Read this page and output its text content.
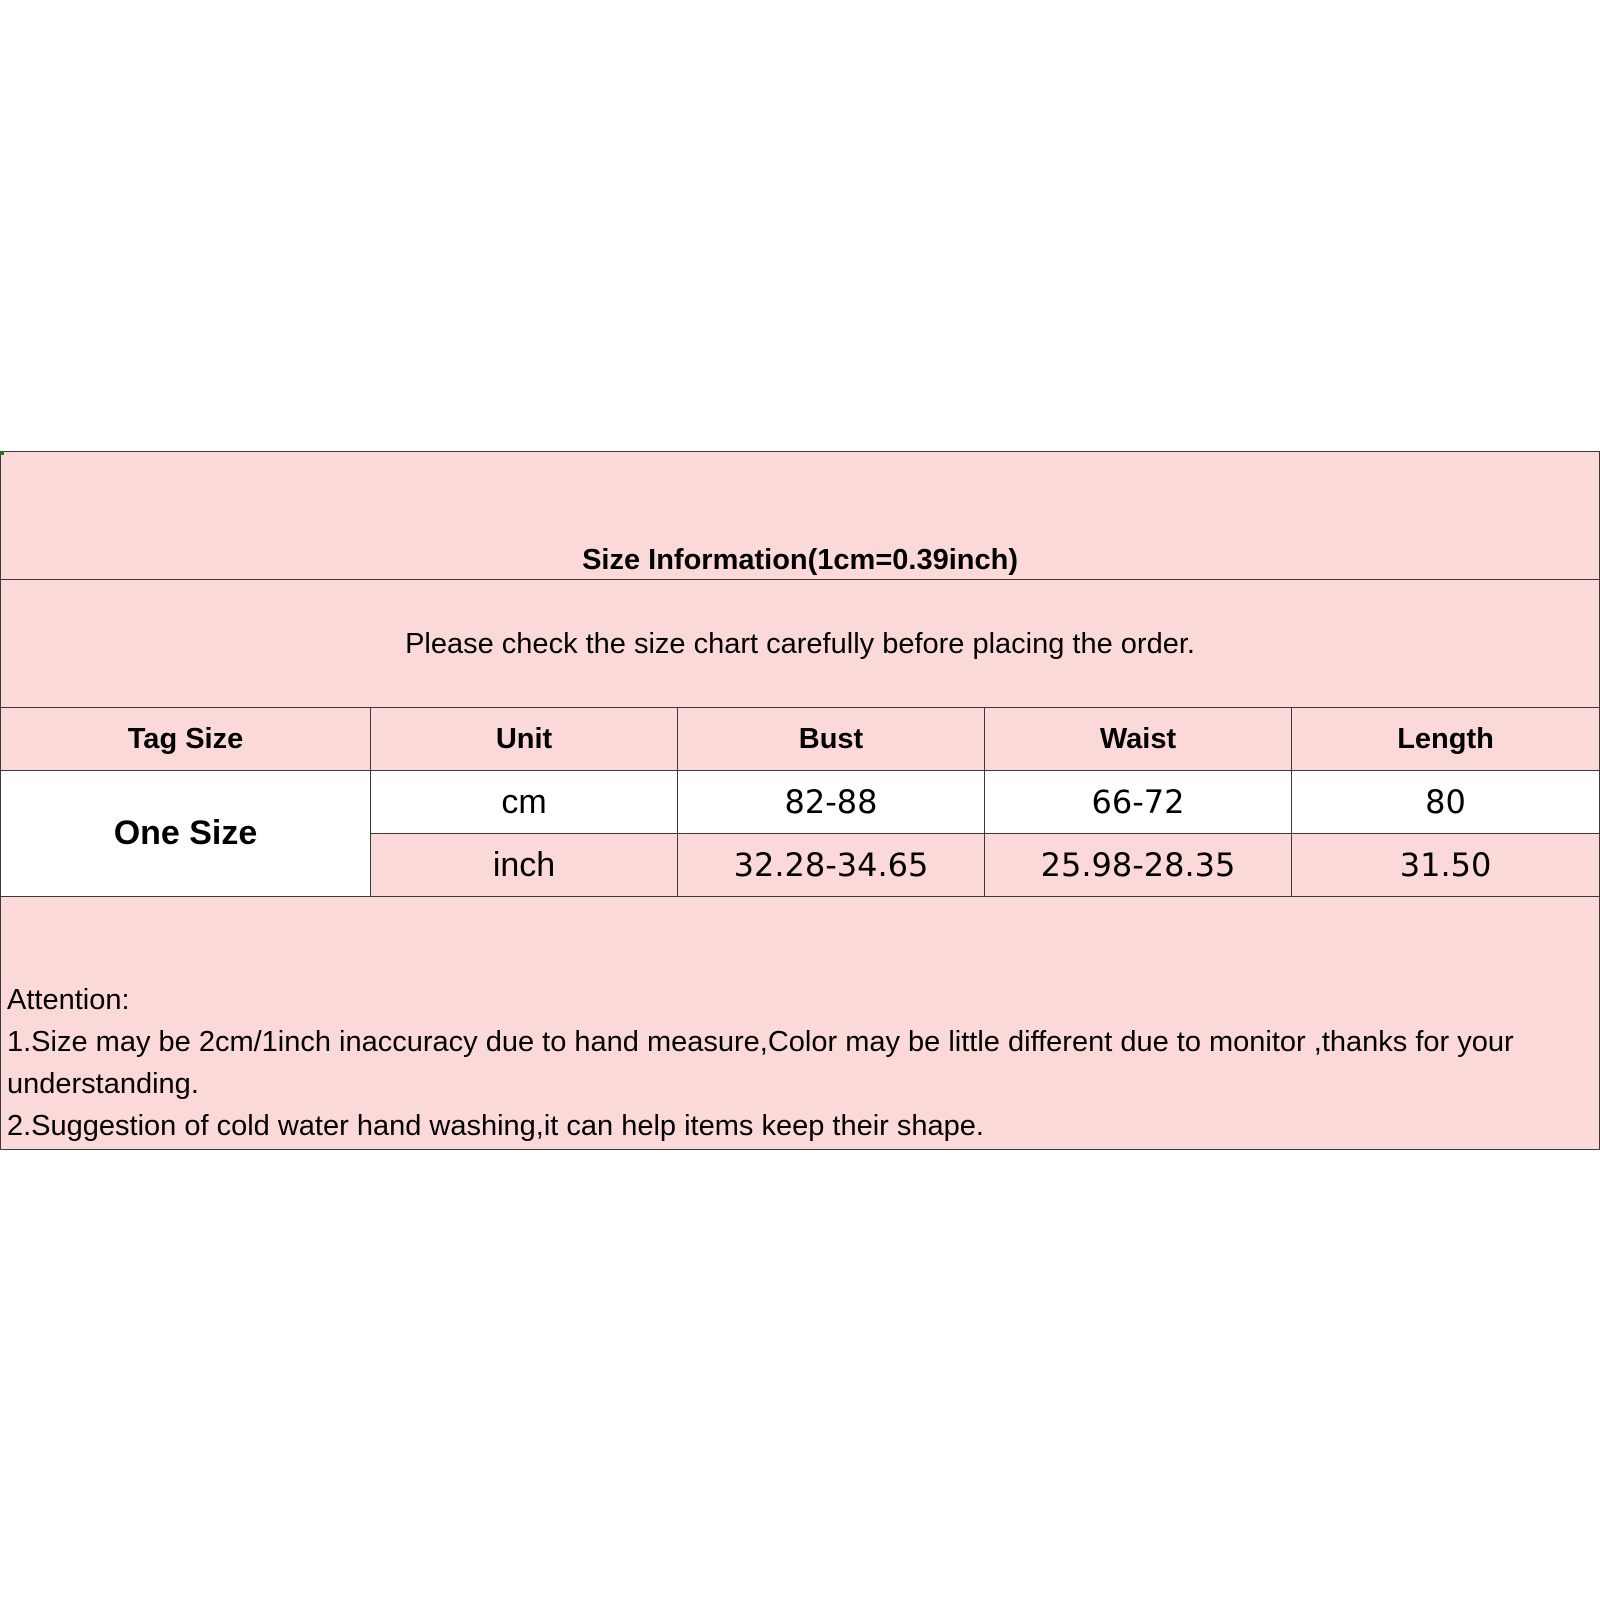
Size Information(1cm=0.39inch)				
Please check the size chart carefully before placing the order.				
Tag Size	Unit	Bust	Waist	Length
One Size	cm	82-88	66-72	80
	inch	32.28-34.65	25.98-28.35	31.50

Attention:
1.Size may be 2cm/1inch inaccuracy due to hand measure,Color may be little different due to monitor ,thanks for your understanding.
2.Suggestion of cold water hand washing,it can help items keep their shape.				
